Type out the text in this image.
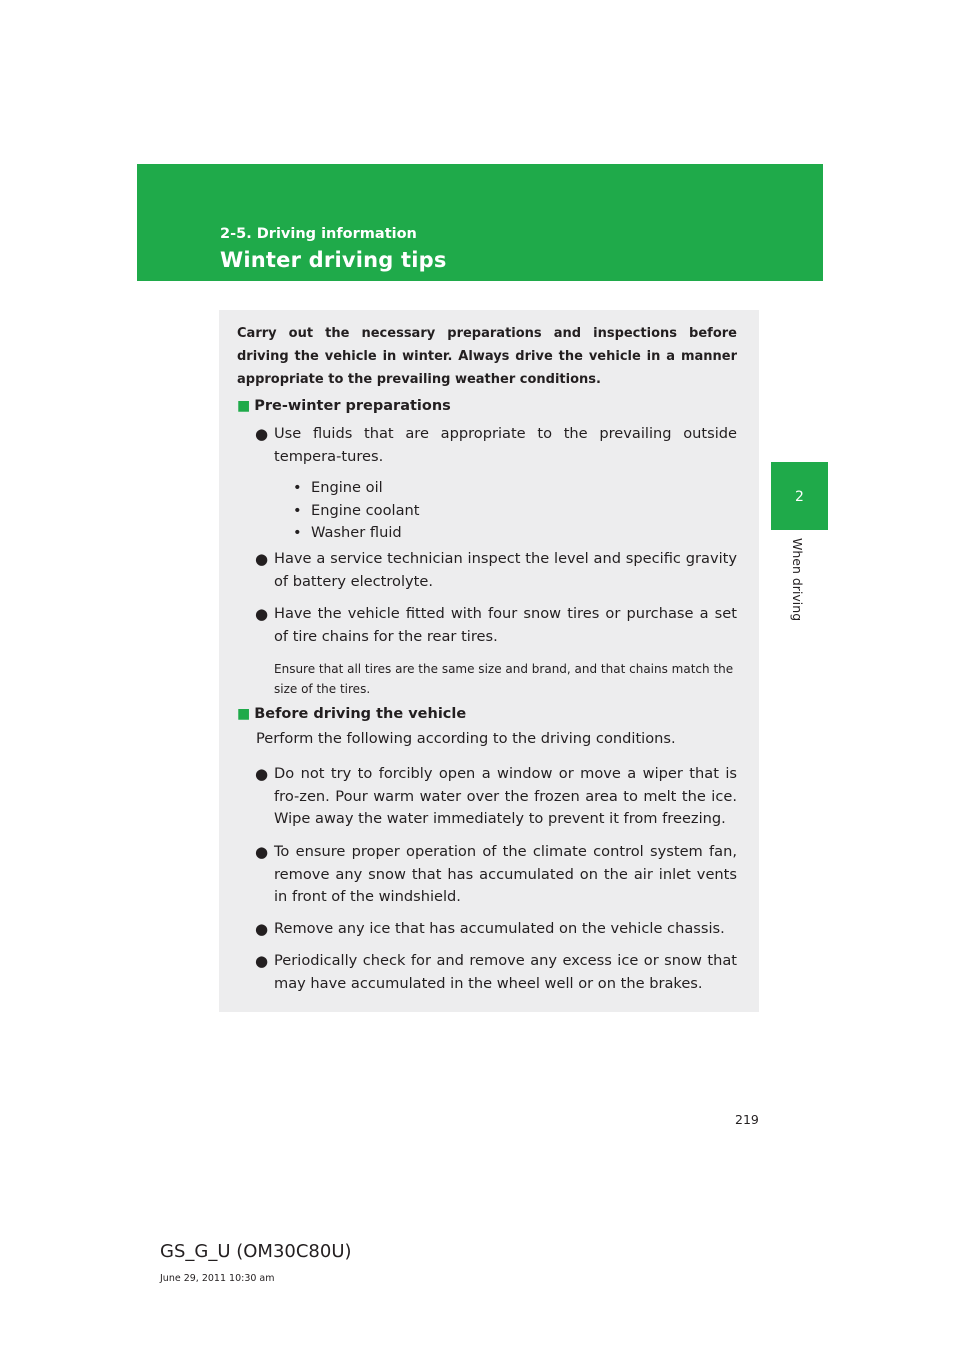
2-5. Driving information
Winter driving tips
2
When driving
Carry out the necessary preparations and inspections before driving the vehicle in winter. Always drive the vehicle in a manner appropriate to the prevailing weather conditions.
■ Pre-winter preparations
● Use fluids that are appropriate to the prevailing outside tempera-tures.
• Engine oil
• Engine coolant
• Washer fluid
● Have a service technician inspect the level and specific gravity of battery electrolyte.
● Have the vehicle fitted with four snow tires or purchase a set of tire chains for the rear tires.
Ensure that all tires are the same size and brand, and that chains match the size of the tires.
■ Before driving the vehicle
Perform the following according to the driving conditions.
● Do not try to forcibly open a window or move a wiper that is fro-zen. Pour warm water over the frozen area to melt the ice. Wipe away the water immediately to prevent it from freezing.
● To ensure proper operation of the climate control system fan, remove any snow that has accumulated on the air inlet vents in front of the windshield.
● Remove any ice that has accumulated on the vehicle chassis.
● Periodically check for and remove any excess ice or snow that may have accumulated in the wheel well or on the brakes.
219
GS_G_U (OM30C80U)
June 29, 2011 10:30 am
